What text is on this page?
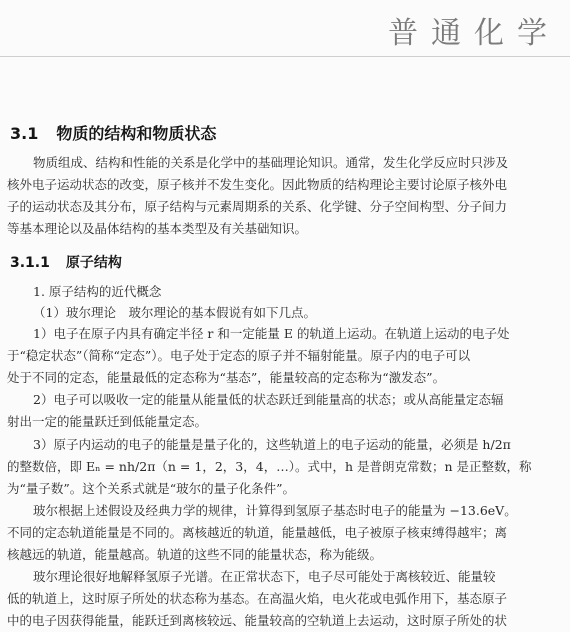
普通化学
3.1 物质的结构和物质状态

物质组成、结构和性能的关系是化学中的基础理论知识。通常，发生化学反应时只涉及

核外电子运动状态的改变，原子核并不发生变化。因此物质的结构理论主要讨论原子核外电

子的运动状态及其分布，原子结构与元素周期系的关系、化学键、分子空间构型、分子间力

等基本理论以及晶体结构的基本类型及有关基础知识。

3.1.1 原子结构

1. 原子结构的近代概念

（1）玻尔理论　玻尔理论的基本假说有如下几点。

1）电子在原子内具有确定半径 r 和一定能量 E 的轨道上运动。在轨道上运动的电子处

于“稳定状态”（简称“定态”）。电子处于定态的原子并不辐射能量。原子内的电子可以

处于不同的定态，能量最低的定态称为“基态”，能量较高的定态称为“激发态”。

2）电子可以吸收一定的能量从能量低的状态跃迁到能量高的状态；或从高能量定态辐

射出一定的能量跃迁到低能量定态。

3）原子内运动的电子的能量是量子化的，这些轨道上的电子运动的能量，必须是 h/2π

的整数倍，即 Eₙ = nh/2π（n = 1，2，3，4，…）。式中，h 是普朗克常数；n 是正整数，称

为“量子数”。这个关系式就是“玻尔的量子化条件”。

玻尔根据上述假设及经典力学的规律，计算得到氢原子基态时电子的能量为 −13.6eV。

不同的定态轨道能量是不同的。离核越近的轨道，能量越低，电子被原子核束缚得越牢；离

核越远的轨道，能量越高。轨道的这些不同的能量状态，称为能级。

玻尔理论很好地解释氢原子光谱。在正常状态下，电子尽可能处于离核较近、能量较

低的轨道上，这时原子所处的状态称为基态。在高温火焰，电火花或电弧作用下，基态原子

中的电子因获得能量，能跃迁到离核较远、能量较高的空轨道上去运动，这时原子所处的状
